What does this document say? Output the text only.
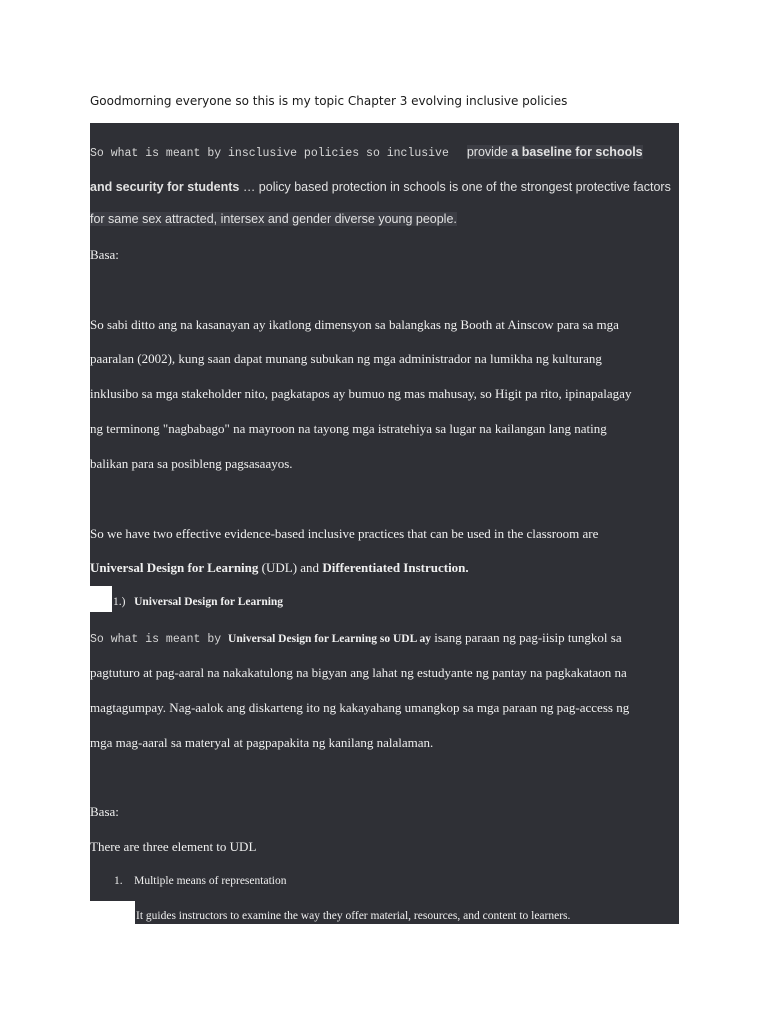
Goodmorning everyone so this is my topic Chapter 3 evolving inclusive policies
So what is meant by insclusive policies so inclusive provide a baseline for schools
and security for students … policy based protection in schools is one of the strongest protective factors
for same sex attracted, intersex and gender diverse young people.
Basa:
So sabi ditto ang na kasanayan ay ikatlong dimensyon sa balangkas ng Booth at Ainscow para sa mga
paaralan (2002), kung saan dapat munang subukan ng mga administrador na lumikha ng kulturang
inklusibo sa mga stakeholder nito, pagkatapos ay bumuo ng mas mahusay, so Higit pa rito, ipinapalagay
ng terminong "nagbabago" na mayroon na tayong mga istratehiya sa lugar na kailangan lang nating
balikan para sa posibleng pagsasaayos.
So we have two effective evidence-based inclusive practices that can be used in the classroom are
Universal Design for Learning (UDL) and Differentiated Instruction.
1.) Universal Design for Learning
So what is meant by Universal Design for Learning so UDL ay isang paraan ng pag-iisip tungkol sa
pagtuturo at pag-aaral na nakakatulong na bigyan ang lahat ng estudyante ng pantay na pagkakataon na
magtagumpay. Nag-aalok ang diskarteng ito ng kakayahang umangkop sa mga paraan ng pag-access ng
mga mag-aaral sa materyal at pagpapakita ng kanilang nalalaman.
Basa:
There are three element to UDL
1. Multiple means of representation
It guides instructors to examine the way they offer material, resources, and content to learners.
